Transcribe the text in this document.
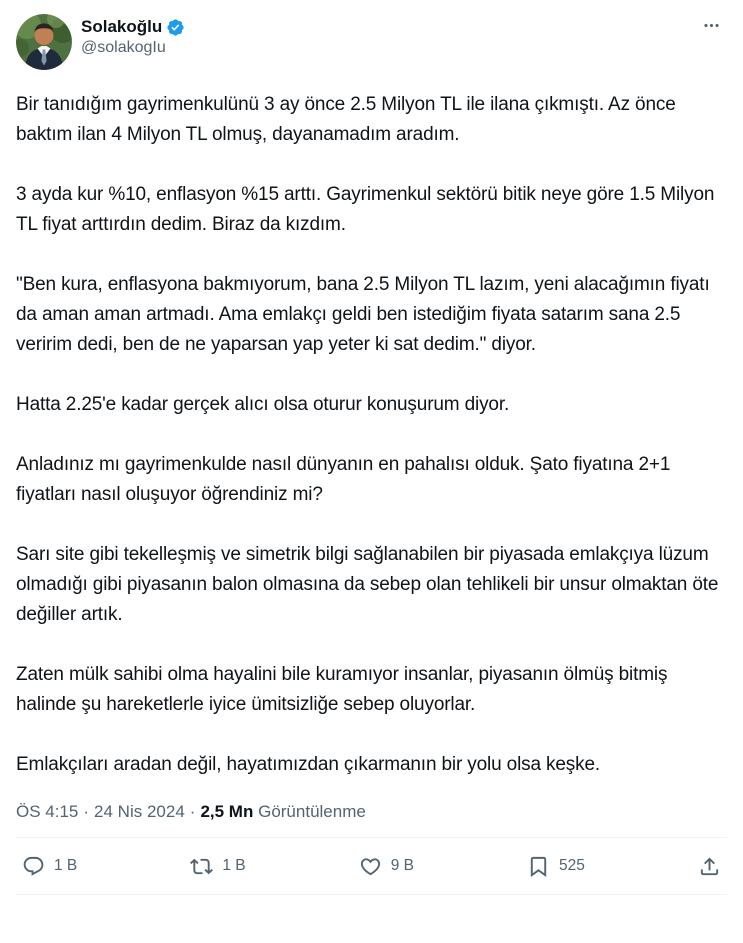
Solakoğlu
@solakogIu

Bir tanıdığım gayrimenkulünü 3 ay önce 2.5 Milyon TL ile ilana çıkmıştı. Az önce baktım ilan 4 Milyon TL olmuş, dayanamadım aradım.

3 ayda kur %10, enflasyon %15 arttı. Gayrimenkul sektörü bitik neye göre 1.5 Milyon TL fiyat arttırdın dedim. Biraz da kızdım.

"Ben kura, enflasyona bakmıyorum, bana 2.5 Milyon TL lazım, yeni alacağımın fiyatı da aman aman artmadı. Ama emlakçı geldi ben istediğim fiyata satarım sana 2.5 veririm dedi, ben de ne yaparsan yap yeter ki sat dedim." diyor.

Hatta 2.25'e kadar gerçek alıcı olsa oturur konuşurum diyor.

Anladınız mı gayrimenkulde nasıl dünyanın en pahalısı olduk. Şato fiyatına 2+1 fiyatları nasıl oluşuyor öğrendiniz mi?

Sarı site gibi tekelleşmiş ve simetrik bilgi sağlanabilen bir piyasada emlakçıya lüzum olmadığı gibi piyasanın balon olmasına da sebep olan tehlikeli bir unsur olmaktan öte değiller artık.

Zaten mülk sahibi olma hayalini bile kuramıyor insanlar, piyasanın ölmüş bitmiş halinde şu hareketlerle iyice ümitsizliğe sebep oluyorlar.

Emlakçıları aradan değil, hayatımızdan çıkarmanın bir yolu olsa keşke.

ÖS 4:15 · 24 Nis 2024 · 2,5 Mn Görüntülenme
1 B	1 B	9 B	525
